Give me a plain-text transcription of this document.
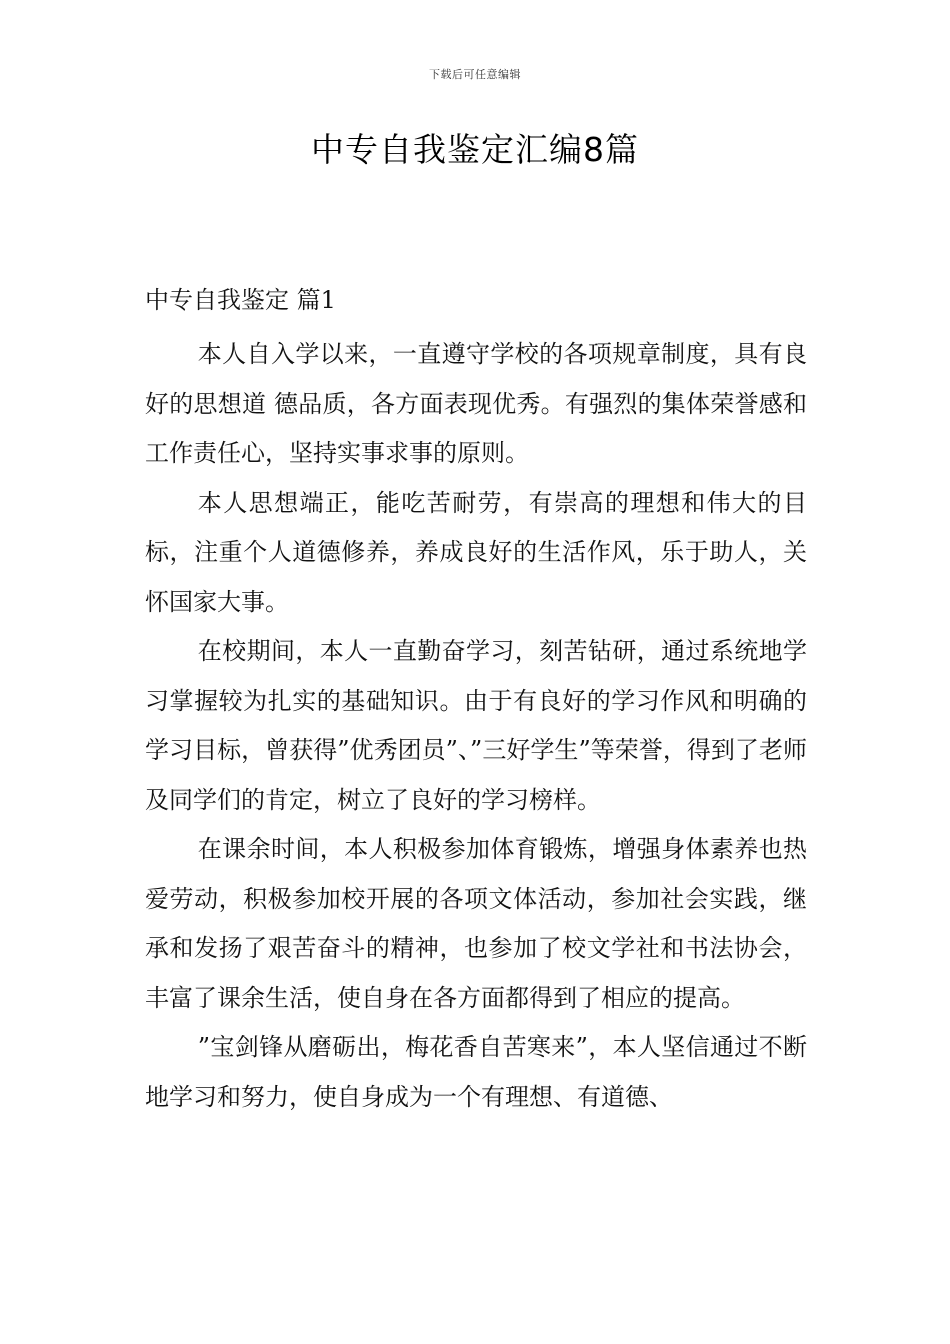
下载后可任意编辑
中专自我鉴定汇编8篇
中专自我鉴定 篇1

本人自入学以来，一直遵守学校的各项规章制度，具有良好的思想道 德品质，各方面表现优秀。有强烈的集体荣誉感和工作责任心，坚持实事求事的原则。

本人思想端正，能吃苦耐劳，有崇高的理想和伟大的目标，注重个人道德修养，养成良好的生活作风，乐于助人，关怀国家大事。

在校期间，本人一直勤奋学习，刻苦钻研，通过系统地学习掌握较为扎实的基础知识。由于有良好的学习作风和明确的学习目标，曾获得”优秀团员”、”三好学生”等荣誉，得到了老师及同学们的肯定，树立了良好的学习榜样。

在课余时间，本人积极参加体育锻炼，增强身体素养也热爱劳动，积极参加校开展的各项文体活动，参加社会实践，继承和发扬了艰苦奋斗的精神，也参加了校文学社和书法协会，丰富了课余生活，使自身在各方面都得到了相应的提高。

”宝剑锋从磨砺出，梅花香自苦寒来”，本人坚信通过不断地学习和努力，使自身成为一个有理想、有道德、
